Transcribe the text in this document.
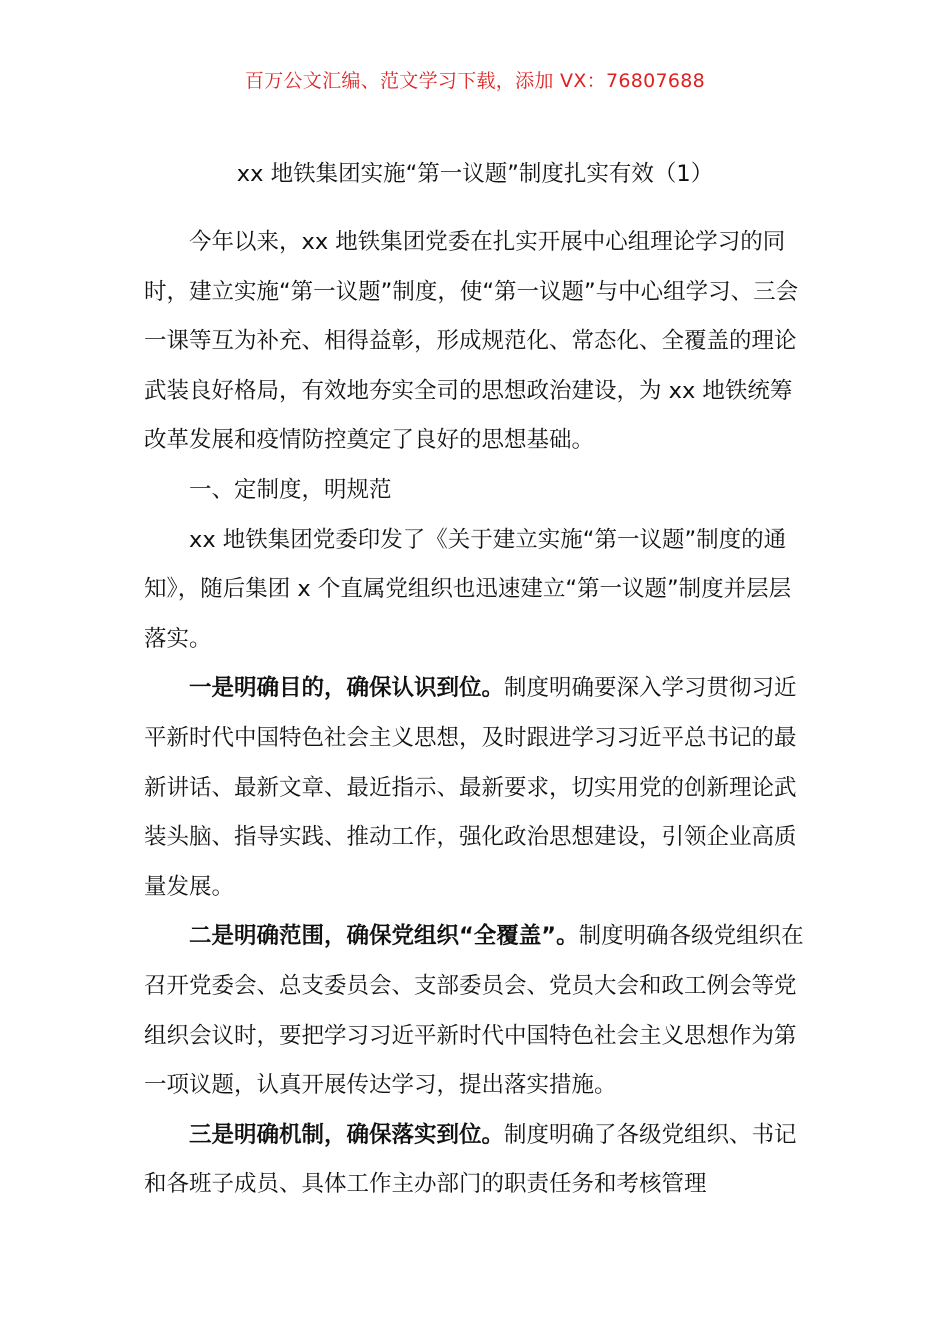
百万公文汇编、范文学习下载，添加 VX：76807688
xx 地铁集团实施“第一议题”制度扎实有效（1）

今年以来，xx 地铁集团党委在扎实开展中心组理论学习的同时，建立实施“第一议题”制度，使“第一议题”与中心组学习、三会一课等互为补充、相得益彰，形成规范化、常态化、全覆盖的理论武装良好格局，有效地夯实全司的思想政治建设，为 xx 地铁统筹改革发展和疫情防控奠定了良好的思想基础。

一、定制度，明规范

xx 地铁集团党委印发了《关于建立实施“第一议题”制度的通知》，随后集团 x 个直属党组织也迅速建立“第一议题”制度并层层落实。

一是明确目的，确保认识到位。制度明确要深入学习贯彻习近平新时代中国特色社会主义思想，及时跟进学习习近平总书记的最新讲话、最新文章、最近指示、最新要求，切实用党的创新理论武装头脑、指导实践、推动工作，强化政治思想建设，引领企业高质量发展。

二是明确范围，确保党组织“全覆盖”。制度明确各级党组织在召开党委会、总支委员会、支部委员会、党员大会和政工例会等党组织会议时，要把学习习近平新时代中国特色社会主义思想作为第一项议题，认真开展传达学习，提出落实措施。

三是明确机制，确保落实到位。制度明确了各级党组织、书记和各班子成员、具体工作主办部门的职责任务和考核管理
